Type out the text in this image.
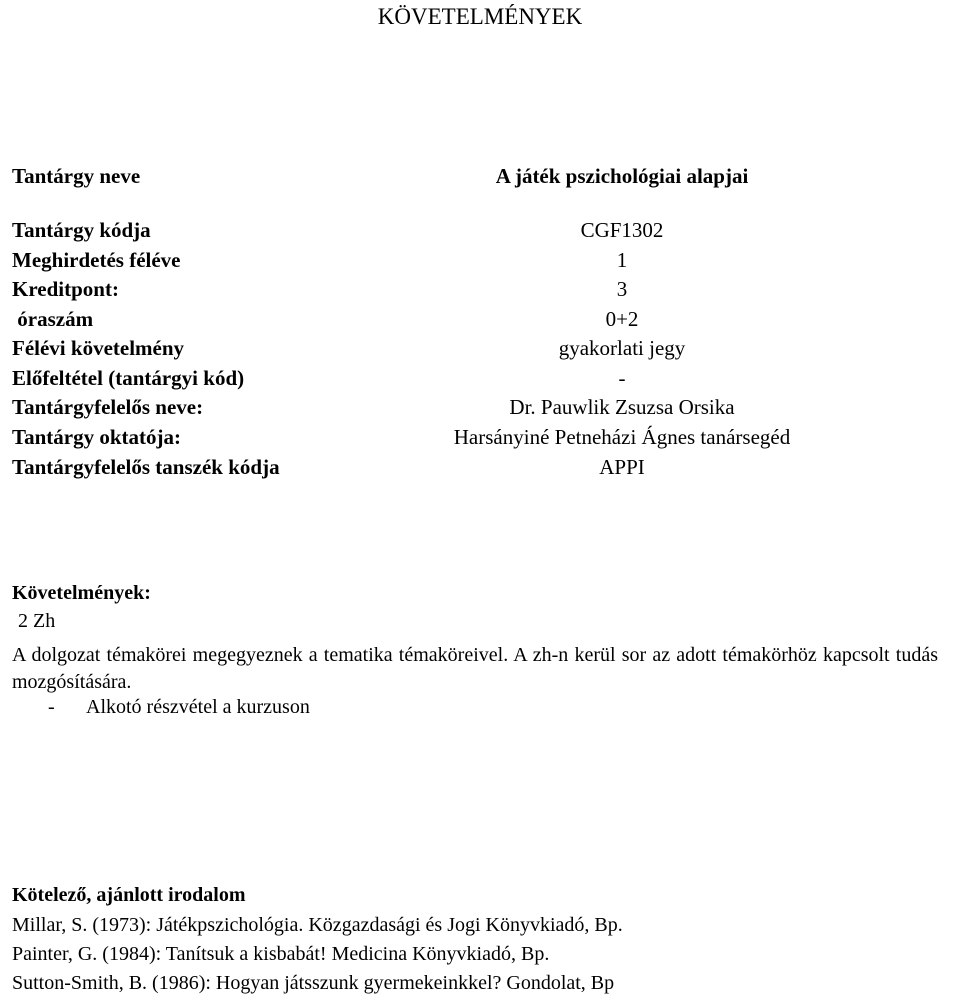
KÖVETELMÉNYEK
Tantárgy neve	A játék pszichológiai alapjai
Tantárgy kódja	CGF1302
Meghirdetés féléve	1
Kreditpont:	3
óraszám	0+2
Félévi követelmény	gyakorlati jegy
Előfeltétel (tantárgyi kód)	-
Tantárgyfelelős neve:	Dr. Pauwlik Zsuzsa Orsika
Tantárgy oktatója:	Harsányiné Petneházi Ágnes tanársegéd
Tantárgyfelelős tanszék kódja	APPI
Követelmények:
2 Zh

A dolgozat témakörei megegyeznek a tematika témaköreivel. A zh-n kerül sor az adott témakörhöz kapcsolt tudás mozgósítására.

- Alkotó részvétel a kurzuson
Kötelező, ajánlott irodalom
Millar, S. (1973): Játékpszichológia. Közgazdasági és Jogi Könyvkiadó, Bp.
Painter, G. (1984): Tanítsuk a kisbabát! Medicina Könyvkiadó, Bp.
Sutton-Smith, B. (1986): Hogyan játsszunk gyermekeinkkel? Gondolat, Bp
